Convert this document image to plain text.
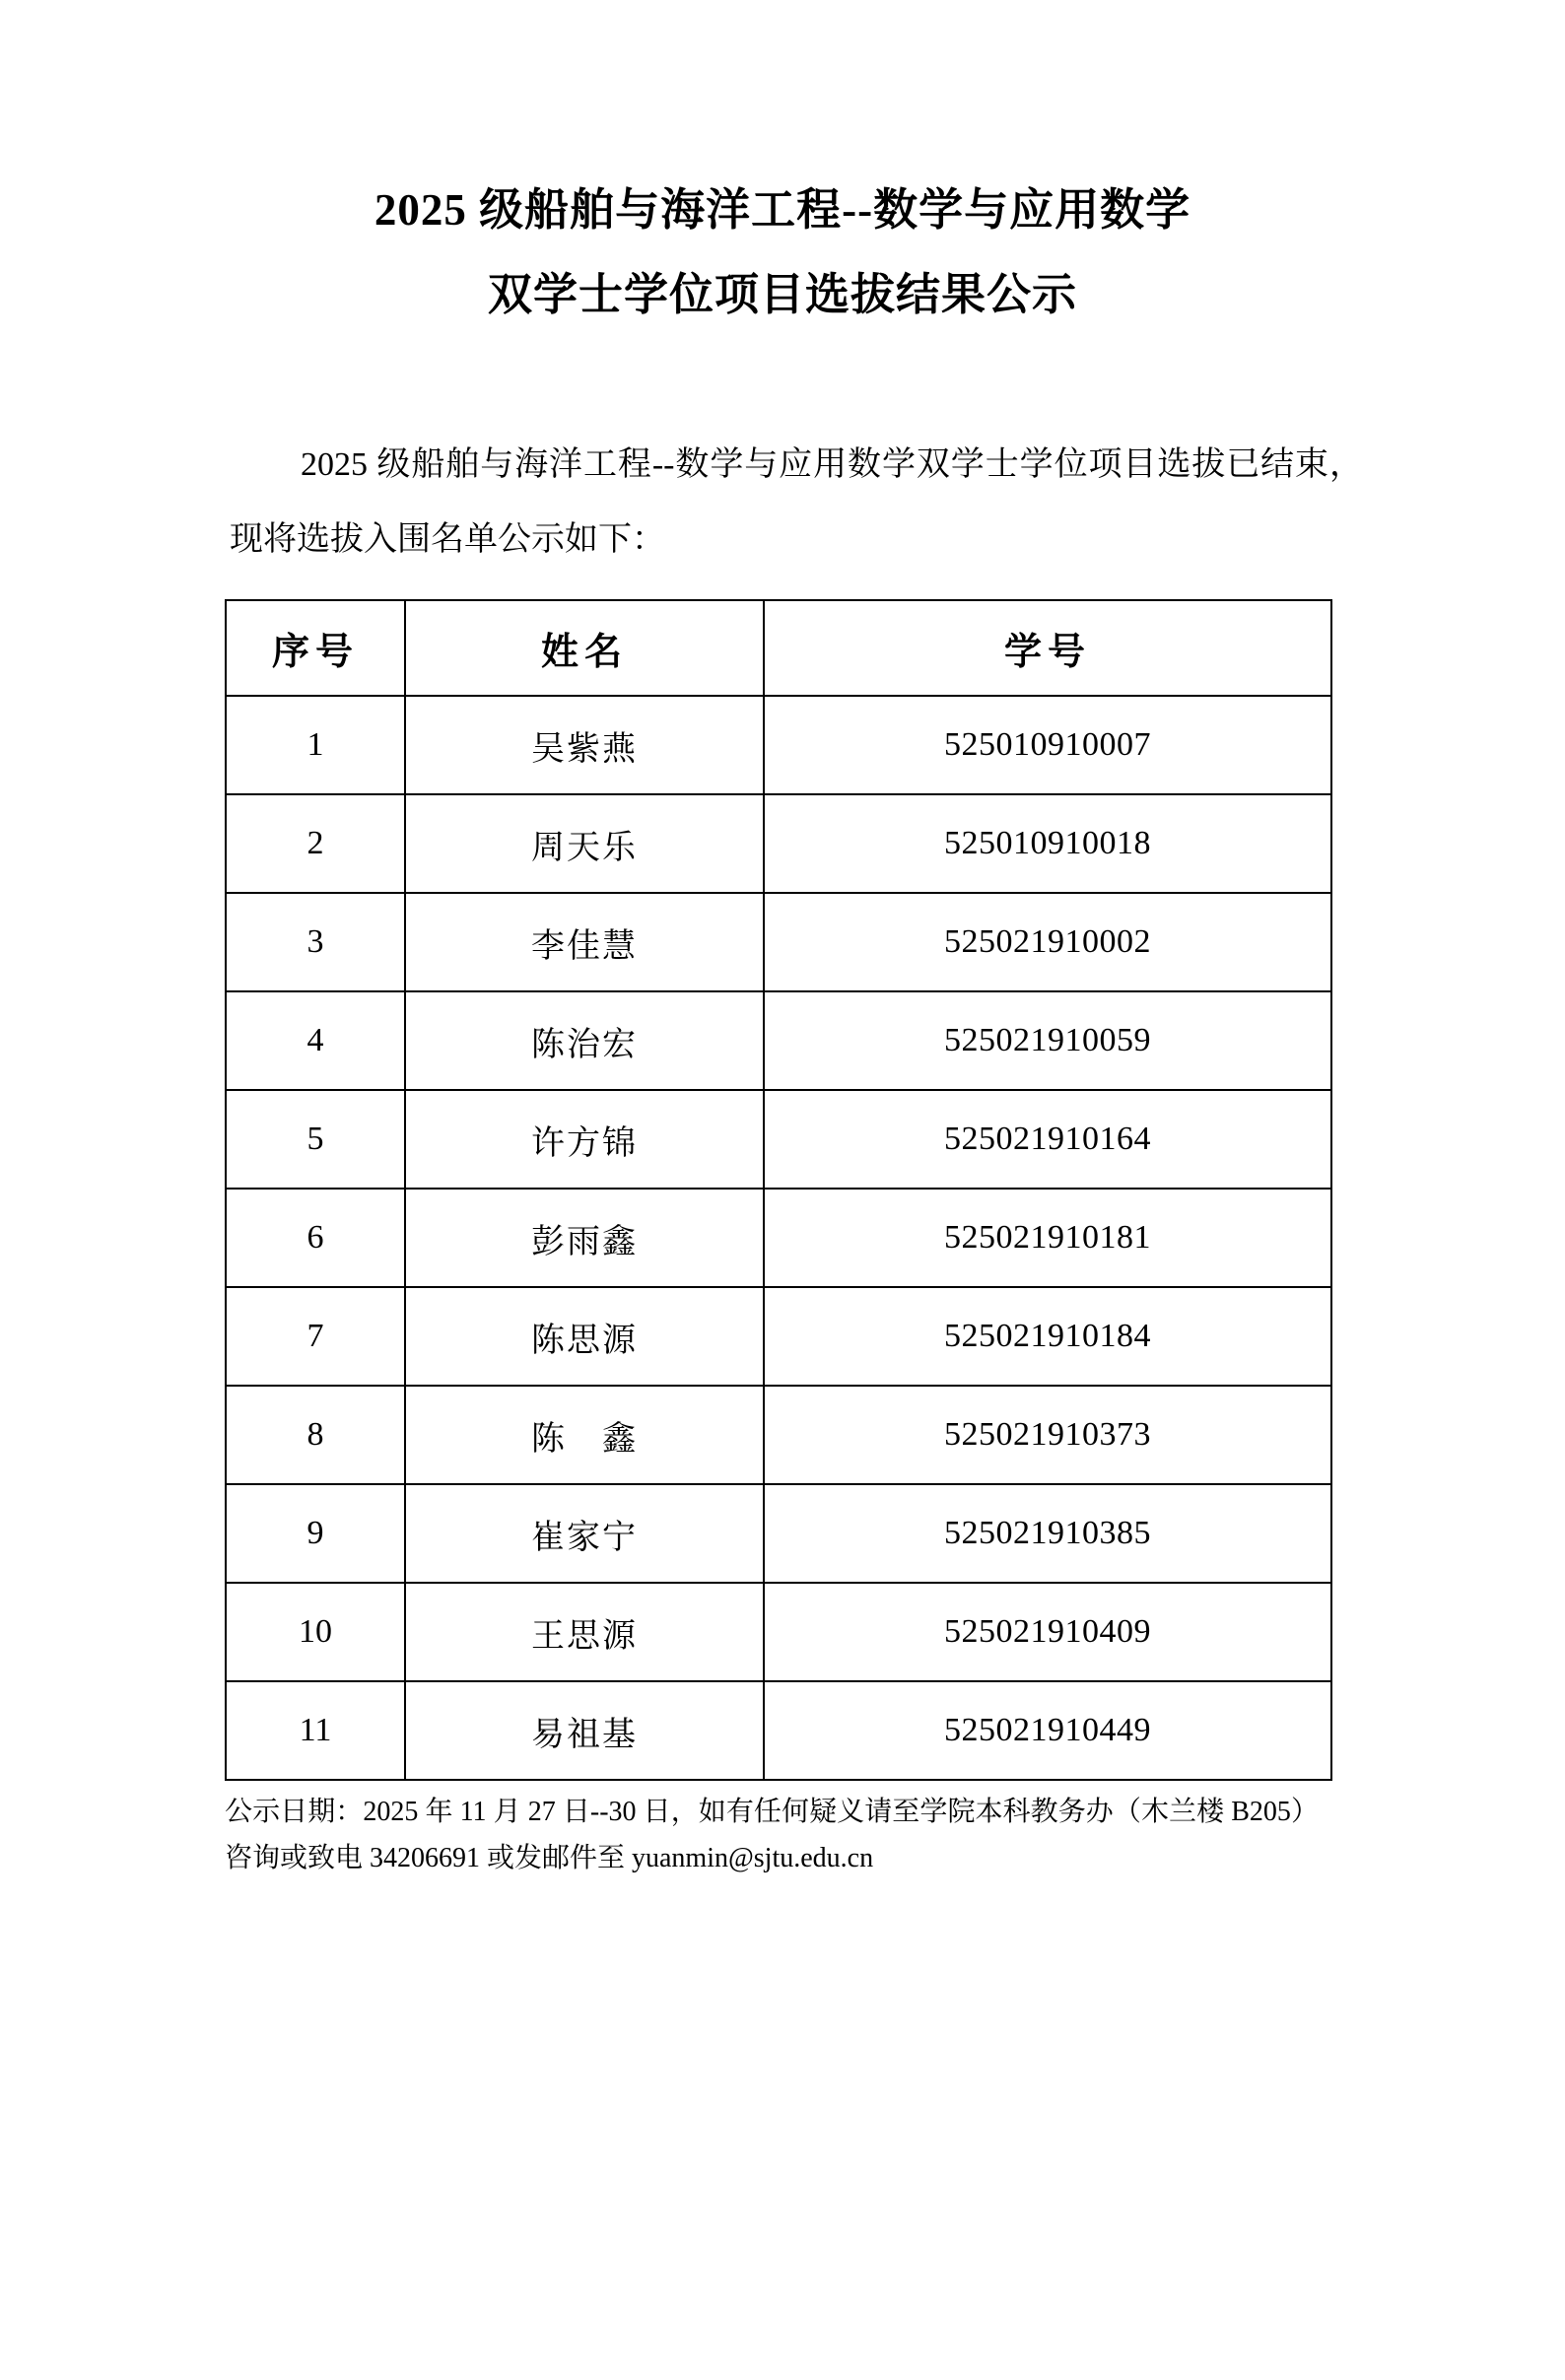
2025 级船舶与海洋工程--数学与应用数学
双学士学位项目选拔结果公示
2025 级船舶与海洋工程--数学与应用数学双学士学位项目选拔已结束，现将选拔入围名单公示如下：
序号	姓名	学号
1	吴紫燕	525010910007
2	周天乐	525010910018
3	李佳慧	525021910002
4	陈治宏	525021910059
5	许方锦	525021910164
6	彭雨鑫	525021910181
7	陈思源	525021910184
8	陈　鑫	525021910373
9	崔家宁	525021910385
10	王思源	525021910409
11	易祖基	525021910449
公示日期：2025 年 11 月 27 日--30 日，如有任何疑义请至学院本科教务办（木兰楼 B205）咨询或致电 34206691 或发邮件至 yuanmin@sjtu.edu.cn
